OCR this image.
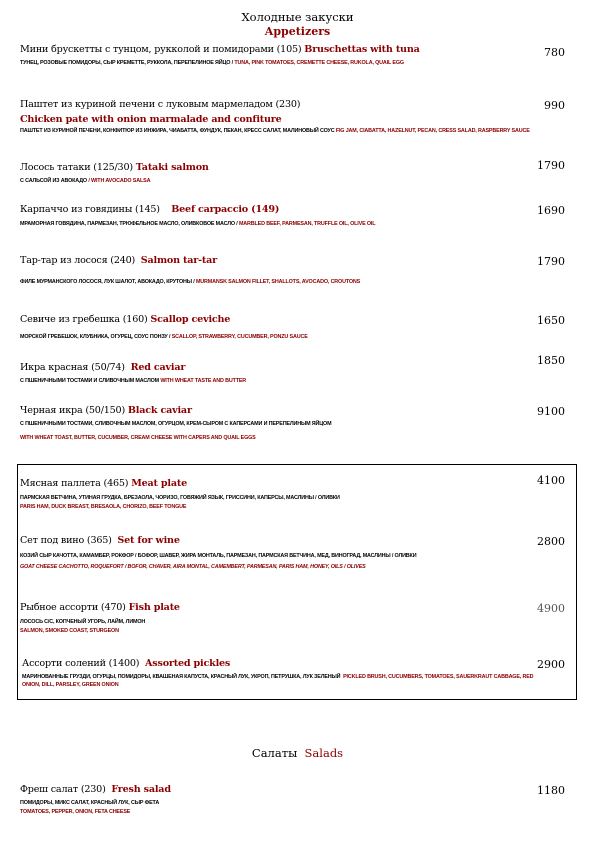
Холодные закуски
Appetizers
Мини брускетты с тунцом, рукколой и помидорами (105) Bruschettas with tuna
ТУНЕЦ, РОЗОВЫЕ ПОМИДОРЫ, СЫР КРЕМЕТТЕ, РУККОЛА, ПЕРЕПЕЛИНОЕ ЯЙЦО / TUNA, PINK TOMATOES, CREMETTE CHEESE, RUKOLA, QUAIL EGG
780
Паштет из куриной печени с луковым мармеладом (230)
Chicken pate with onion marmalade and confiture
ПАШТЕТ ИЗ КУРИНОЙ ПЕЧЕНИ, КОНФИТЮР ИЗ ИНЖИРА, ЧИАБАТТА, ФУНДУК, ПЕКАН, КРЕСС САЛАТ, МАЛИНОВЫЙ СОУС FIG JAM, CIABATTA, HAZELNUT, PECAN, CRESS SALAD, RASPBERRY SAUCE
990
Лосось татаки (125/30) Tataki salmon
С САЛЬСОЙ ИЗ АВОКАДО / WITH AVOCADO SALSA
1790
Карпаччо из говядины (145) Beef carpaccio (149)
МРАМОРНАЯ ГОВЯДИНА, ПАРМЕЗАН, ТРЮФЕЛЬНОЕ МАСЛО, ОЛИВКОВОЕ МАСЛО / MARBLED BEEF, PARMESAN, TRUFFLE OIL, OLIVE OIL
1690
Тар-тар из лосося (240) Salmon tar-tar
ФИЛЕ МУРМАНСКОГО ЛОСОСЯ, ЛУК ШАЛОТ, АВОКАДО, КРУТОНЫ / MURMANSK SALMON FILLET, SHALLOTS, AVOCADO, CROUTONS
1790
Севиче из гребешка (160) Scallop ceviche
МОРСКОЙ ГРЕБЕШОК, КЛУБНИКА, ОГУРЕЦ, СОУС ПОНЗУ / SCALLOP, STRAWBERRY, CUCUMBER, PONZU SAUCE
1650
Икра красная (50/74) Red caviar
С ПШЕНИЧНЫМИ ТОСТАМИ И СЛИВОЧНЫМ МАСЛОМ WITH WHEAT TASTE AND BUTTER
1850
Черная икра (50/150) Black caviar
С ПШЕНИЧНЫМИ ТОСТАМИ, СЛИВОЧНЫМ МАСЛОМ, ОГУРЦОМ, КРЕМ-СЫРОМ С КАПЕРСАМИ И ПЕРЕПЕЛИНЫМ ЯЙЦОМ
WITH WHEAT TOAST, BUTTER, CUCUMBER, CREAM CHEESE WITH CAPERS AND QUAIL EGGS
9100
Мясная паллета (465) Meat plate
ПАРМСКАЯ ВЕТЧИНА, УТИНАЯ ГРУДКА, БРЕЗАОЛА, ЧОРИЗО, ГОВЯЖИЙ ЯЗЫК, ГРИССИНИ, КАПЕРСЫ, МАСЛИНЫ / ОЛИВКИ
PARIS HAM, DUCK BREAST, BRESAOLA, CHORIZO, BEEF TONGUE
4100
Сет под вино (365) Set for wine
КОЗИЙ СЫР КАЧОТТА, КАМАМБЕР, РОКФОР / БОФОР, ШАВЕР, ЖИРА МОНТАЛЬ, ПАРМЕЗАН, ПАРМСКАЯ ВЕТЧИНА, МЕД, ВИНОГРАД, МАСЛИНЫ / ОЛИВКИ
GOAT CHEESE CACHOTTO, ROQUEFORT / BOFOR, CHAVER, AIRA MONTAL, CAMEMBERT, PARMESAN, PARIS HAM, HONEY, OILS / OLIVES
2800
Рыбное ассорти (470) Fish plate
ЛОСОСЬ С/С, КОПЧЕНЫЙ УГОРЬ, ЛАЙМ, ЛИМОН
SALMON, SMOKED COAST, STURGEON
4900
Ассорти солений (1400) Assorted pickles
МАРИНОВАННЫЕ ГРУЗДИ, ОГУРЦЫ, ПОМИДОРЫ, КВАШЕНАЯ КАПУСТА, КРАСНЫЙ ЛУК, УКРОП, ПЕТРУШКА, ЛУК ЗЕЛЕНЫЙ PICKLED BRUSH, CUCUMBERS, TOMATOES, SAUERKRAUT CABBAGE, RED ONION, DILL, PARSLEY, GREEN ONION
2900
Салаты Salads
Фреш салат (230) Fresh salad
ПОМИДОРЫ, МИКС САЛАТ, КРАСНЫЙ ЛУК, СЫР ФЕТА
TOMATOES, PEPPER, ONION, FETA CHEESE
1180
